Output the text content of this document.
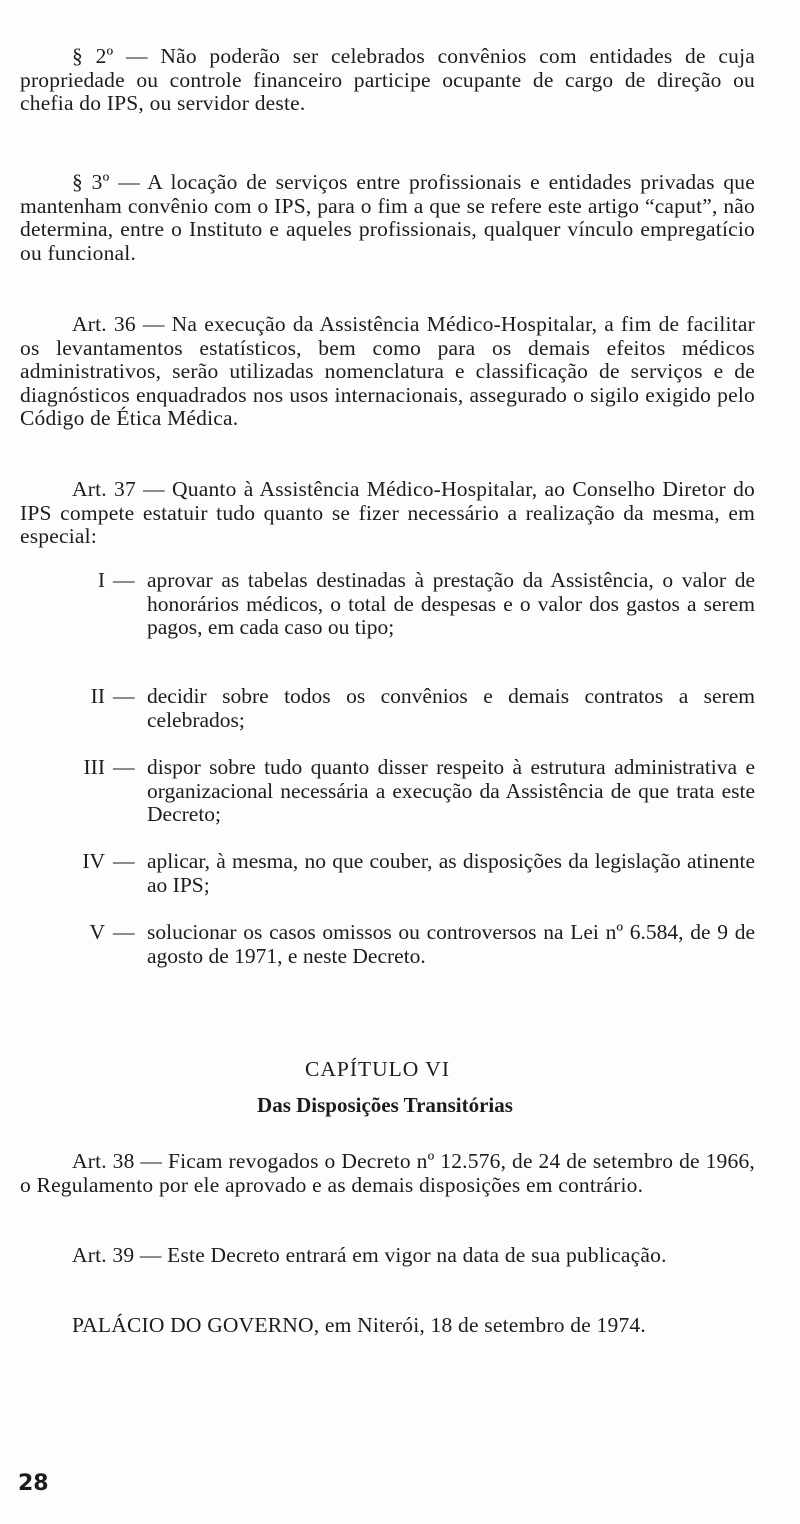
§ 2º — Não poderão ser celebrados convênios com entidades de cuja propriedade ou controle financeiro participe ocupante de cargo de direção ou chefia do IPS, ou servidor deste.

§ 3º — A locação de serviços entre profissionais e entidades privadas que mantenham convênio com o IPS, para o fim a que se refere este artigo “caput”, não determina, entre o Instituto e aqueles profissionais, qualquer vínculo empregatício ou funcional.

Art. 36 — Na execução da Assistência Médico-Hospitalar, a fim de facilitar os levantamentos estatísticos, bem como para os demais efeitos médicos administrativos, serão utilizadas nomenclatura e classificação de serviços e de diagnósticos enquadrados nos usos internacionais, assegurado o sigilo exigido pelo Código de Ética Médica.

Art. 37 — Quanto à Assistência Médico-Hospitalar, ao Conselho Diretor do IPS compete estatuir tudo quanto se fizer necessário a realização da mesma, em especial:

I — aprovar as tabelas destinadas à prestação da Assistência, o valor de honorários médicos, o total de despesas e o valor dos gastos a serem pagos, em cada caso ou tipo;
II — decidir sobre todos os convênios e demais contratos a serem celebrados;
III — dispor sobre tudo quanto disser respeito à estrutura administrativa e organizacional necessária a execução da Assistência de que trata este Decreto;
IV — aplicar, à mesma, no que couber, as disposições da legislação atinente ao IPS;
V — solucionar os casos omissos ou controversos na Lei nº 6.584, de 9 de agosto de 1971, e neste Decreto.
CAPÍTULO VI
Das Disposições Transitórias

Art. 38 — Ficam revogados o Decreto nº 12.576, de 24 de setembro de 1966, o Regulamento por ele aprovado e as demais disposições em contrário.

Art. 39 — Este Decreto entrará em vigor na data de sua publicação.

PALÁCIO DO GOVERNO, em Niterói, 18 de setembro de 1974.

28
